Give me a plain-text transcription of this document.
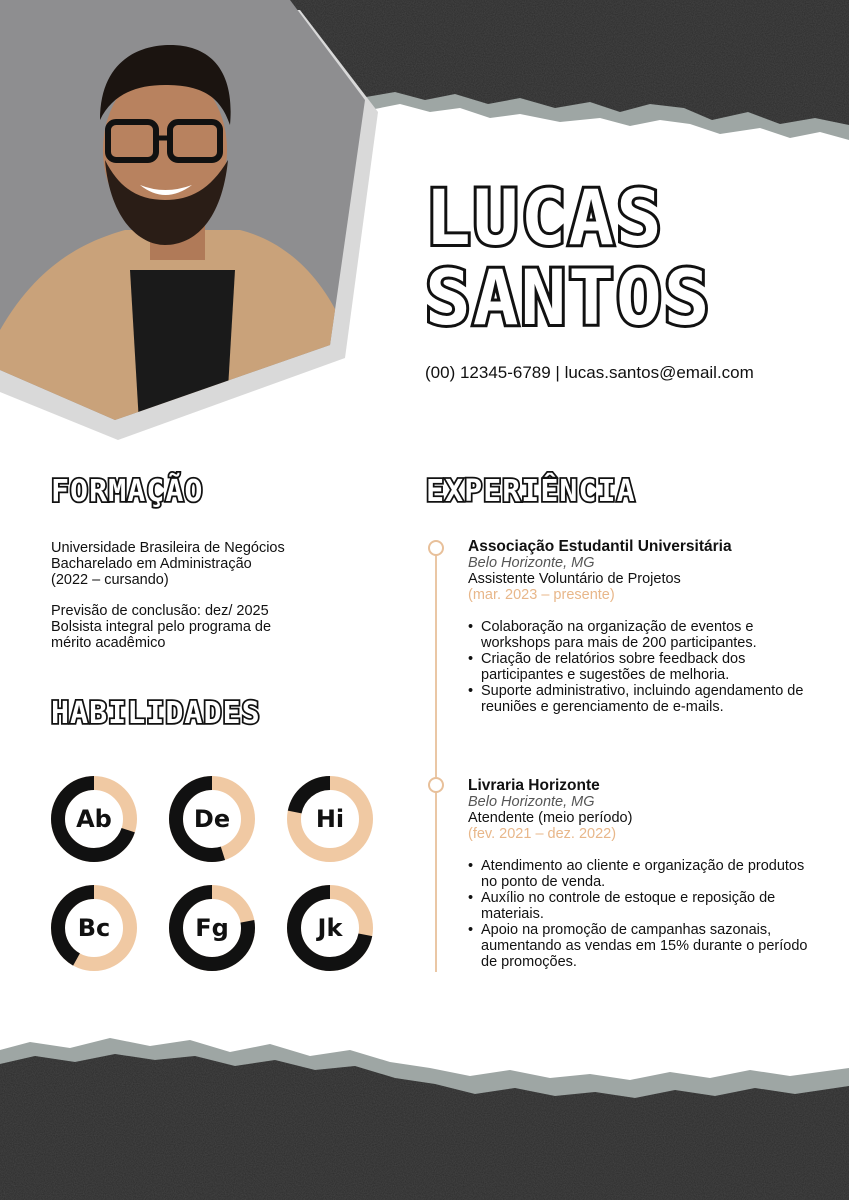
LUCAS
SANTOS
(00) 12345-6789 | lucas.santos@email.com
FORMAÇÃO

Universidade Brasileira de Negócios

Bacharelado em Administração

(2022 – cursando)

Previsão de conclusão: dez/ 2025

Bolsista integral pelo programa de

mérito acadêmico

HABILIDADES
Ab	De	Hi
Bc	Fg	Jk
EXPERIÊNCIA
Associação Estudantil Universitária
Belo Horizonte, MG
Assistente Voluntário de Projetos
(mar. 2023 – presente)
• Colaboração na organização de eventos e workshops para mais de 200 participantes.
• Criação de relatórios sobre feedback dos participantes e sugestões de melhoria.
• Suporte administrativo, incluindo agendamento de reuniões e gerenciamento de e-mails.
Livraria Horizonte
Belo Horizonte, MG
Atendente (meio período)
(fev. 2021 – dez. 2022)
• Atendimento ao cliente e organização de produtos no ponto de venda.
• Auxílio no controle de estoque e reposição de materiais.
• Apoio na promoção de campanhas sazonais, aumentando as vendas em 15% durante o período de promoções.
